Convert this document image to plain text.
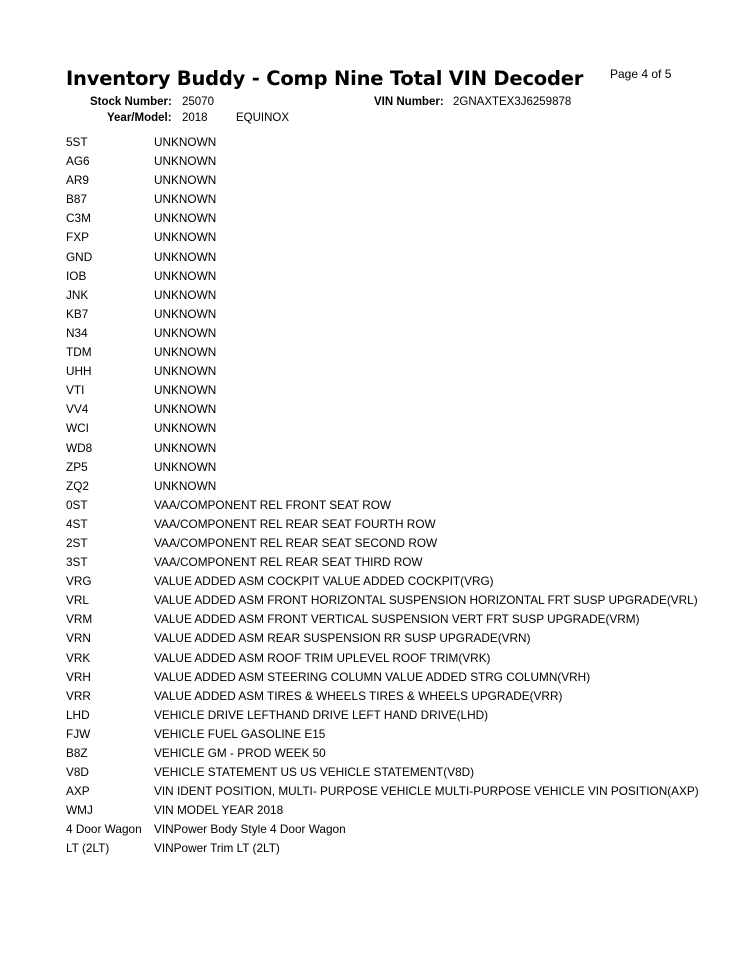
Inventory Buddy - Comp Nine Total VIN Decoder Page 4 of 5
Stock Number: 25070	VIN Number: 2GNAXTEX3J6259878
Year/Model: 2018 EQUINOX
5ST	UNKNOWN
AG6	UNKNOWN
AR9	UNKNOWN
B87	UNKNOWN
C3M	UNKNOWN
FXP	UNKNOWN
GND	UNKNOWN
IOB	UNKNOWN
JNK	UNKNOWN
KB7	UNKNOWN
N34	UNKNOWN
TDM	UNKNOWN
UHH	UNKNOWN
VTI	UNKNOWN
VV4	UNKNOWN
WCI	UNKNOWN
WD8	UNKNOWN
ZP5	UNKNOWN
ZQ2	UNKNOWN
0ST	VAA/COMPONENT REL FRONT SEAT ROW
4ST	VAA/COMPONENT REL REAR SEAT FOURTH ROW
2ST	VAA/COMPONENT REL REAR SEAT SECOND ROW
3ST	VAA/COMPONENT REL REAR SEAT THIRD ROW
VRG	VALUE ADDED ASM COCKPIT VALUE ADDED COCKPIT(VRG)
VRL	VALUE ADDED ASM FRONT HORIZONTAL SUSPENSION HORIZONTAL FRT SUSP UPGRADE(VRL)
VRM	VALUE ADDED ASM FRONT VERTICAL SUSPENSION VERT FRT SUSP UPGRADE(VRM)
VRN	VALUE ADDED ASM REAR SUSPENSION RR SUSP UPGRADE(VRN)
VRK	VALUE ADDED ASM ROOF TRIM UPLEVEL ROOF TRIM(VRK)
VRH	VALUE ADDED ASM STEERING COLUMN VALUE ADDED STRG COLUMN(VRH)
VRR	VALUE ADDED ASM TIRES & WHEELS TIRES & WHEELS UPGRADE(VRR)
LHD	VEHICLE DRIVE LEFTHAND DRIVE LEFT HAND DRIVE(LHD)
FJW	VEHICLE FUEL GASOLINE E15
B8Z	VEHICLE GM - PROD WEEK 50
V8D	VEHICLE STATEMENT US US VEHICLE STATEMENT(V8D)
AXP	VIN IDENT POSITION, MULTI- PURPOSE VEHICLE MULTI-PURPOSE VEHICLE VIN POSITION(AXP)
WMJ	VIN MODEL YEAR 2018
4 Door Wagon	VINPower Body Style 4 Door Wagon
LT (2LT)	VINPower Trim LT (2LT)
